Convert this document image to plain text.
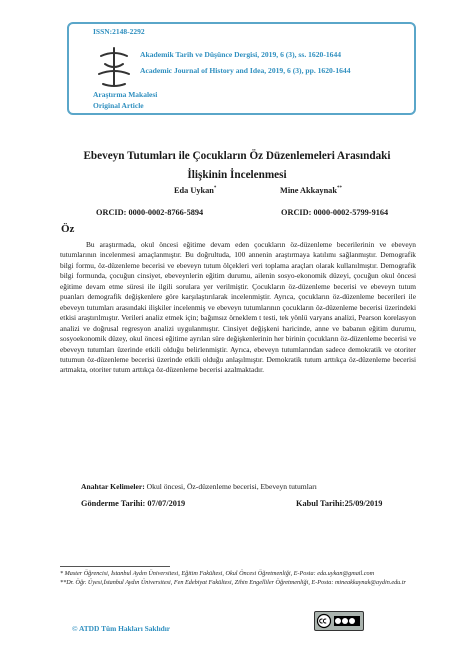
ISSN:2148-2292
Akademik Tarih ve Düşünce Dergisi, 2019, 6 (3), ss. 1620-1644
Academic Journal of History and Idea, 2019, 6 (3), pp. 1620-1644
Araştırma Makalesi
Original Article
Ebeveyn Tutumları ile Çocukların Öz Düzenlemeleri Arasındaki
İlişkinin İncelenmesi
Eda Uykan*	Mine Akkaynak**
ORCID: 0000-0002-8766-5894	ORCID: 0000-0002-5799-9164
Öz

Bu araştırmada, okul öncesi eğitime devam eden çocukların öz-düzenleme becerilerinin ve ebeveyn tutumlarının incelenmesi amaçlanmıştır. Bu doğrultuda, 100 annenin araştırmaya katılımı sağlanmıştır. Demografik bilgi formu, öz-düzenleme becerisi ve ebeveyn tutum ölçekleri veri toplama araçları olarak kullanılmıştır. Demografik bilgi formunda, çocuğun cinsiyet, ebeveynlerin eğitim durumu, ailenin sosyo-ekonomik düzeyi, çocuğun okul öncesi eğitime devam etme süresi ile ilgili sorulara yer verilmiştir. Çocukların öz-düzenleme becerisi ve ebeveyn tutum puanları demografik değişkenlere göre karşılaştırılarak incelenmiştir. Ayrıca, çocukların öz-düzenleme becerileri ile ebeveyn tutumları arasındaki ilişkiler incelenmiş ve ebeveyn tutumlarının çocukların öz-düzenleme becerisi üzerindeki etkisi araştırılmıştır. Verileri analiz etmek için; bağımsız örneklem t testi, tek yönlü varyans analizi, Pearson korelasyon analizi ve doğrusal regresyon analizi uygulanmıştır. Cinsiyet değişkeni haricinde, anne ve babanın eğitim durumu, sosyoekonomik düzey, okul öncesi eğitime ayrılan süre değişkenlerinin her birinin çocukların öz-düzenleme becerisi ve ebeveyn tutumları üzerinde etkili olduğu belirlenmiştir. Ayrıca, ebeveyn tutumlarından sadece demokratik ve otoriter tutumun öz-düzenleme becerisi üzerinde etkili olduğu anlaşılmıştır. Demokratik tutum arttıkça öz-düzenleme becerisi artmakta, otoriter tutum arttıkça öz-düzenleme becerisi azalmaktadır.

Anahtar Kelimeler: Okul öncesi, Öz-düzenleme becerisi, Ebeveyn tutumları
Gönderme Tarihi: 07/07/2019	Kabul Tarihi:25/09/2019

* Master Öğrencisi, İstanbul Aydın Üniversitesi, Eğitim Fakültesi, Okul Öncesi Öğretmenliği, E-Posta: eda.uykan@gmail.com

**Dr. Öğr. Üyesi,İstanbul Aydın Üniversitesi, Fen Edebiyat Fakültesi, Zihin Engelliler Öğretmenliği, E-Posta: mineakkaynak@aydin.edu.tr

© ATDD Tüm Hakları Saklıdır
